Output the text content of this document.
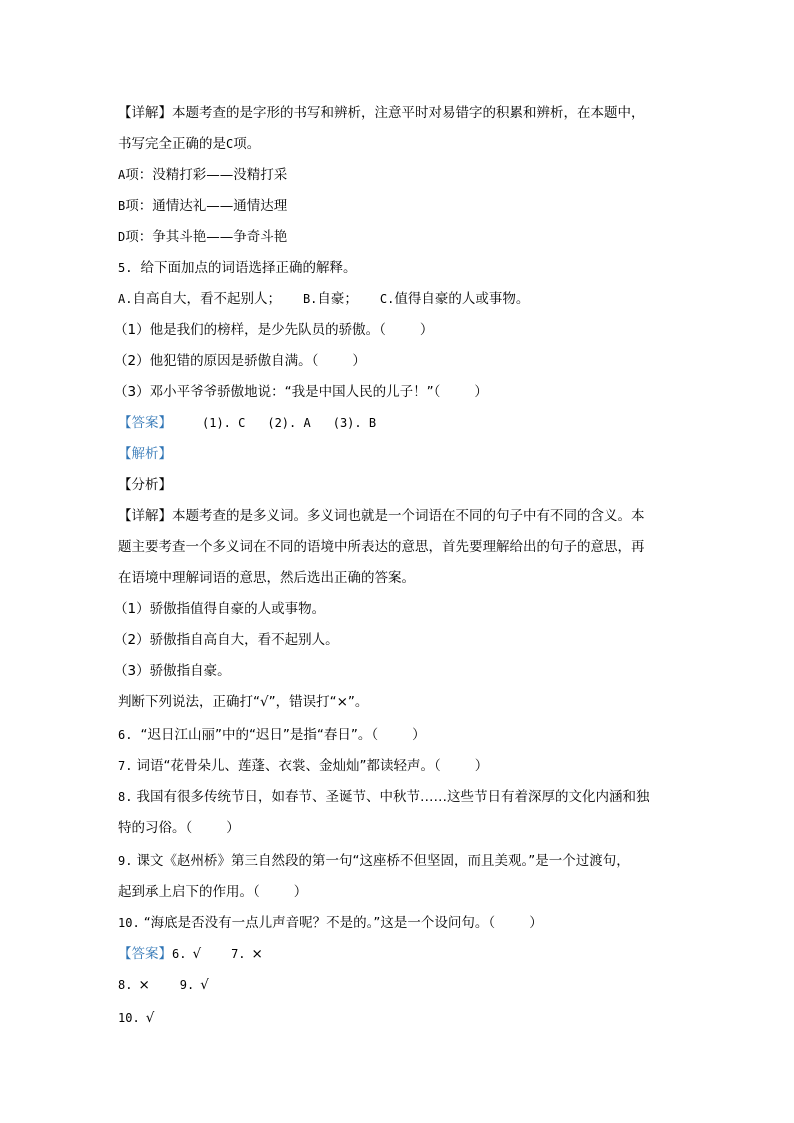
【详解】本题考查的是字形的书写和辨析，注意平时对易错字的积累和辨析，在本题中，
书写完全正确的是C项。
A项：没精打彩——没精打采
B项：通情达礼——通情达理
D项：争其斗艳——争奇斗艳
5. 给下面加点的词语选择正确的解释。
A.自高自大，看不起别人； B.自豪； C.值得自豪的人或事物。
（1）他是我们的榜样，是少先队员的骄傲。（	）
（2）他犯错的原因是骄傲自满。（	）
（3）邓小平爷爷骄傲地说：“我是中国人民的儿子！”（	）
【答案】	(1). C (2). A (3). B
【解析】
【分析】
【详解】本题考查的是多义词。多义词也就是一个词语在不同的句子中有不同的含义。本
题主要考查一个多义词在不同的语境中所表达的意思，首先要理解给出的句子的意思，再
在语境中理解词语的意思，然后选出正确的答案。
（1）骄傲指值得自豪的人或事物。
（2）骄傲指自高自大，看不起别人。
（3）骄傲指自豪。
判断下列说法，正确打“√”，错误打“×”。
6. “迟日江山丽”中的“迟日”是指“春日”。（	）
7. 词语“花骨朵儿、莲蓬、衣裳、金灿灿”都读轻声。（	）
8. 我国有很多传统节日，如春节、圣诞节、中秋节……这些节日有着深厚的文化内涵和独
特的习俗。（	）
9. 课文《赵州桥》第三自然段的第一句“这座桥不但坚固，而且美观。”是一个过渡句，
起到承上启下的作用。（	）
10. “海底是否没有一点儿声音呢？不是的。”这是一个设问句。（	）
【答案】6. √	7. ×
8. ×	9. √
10. √
